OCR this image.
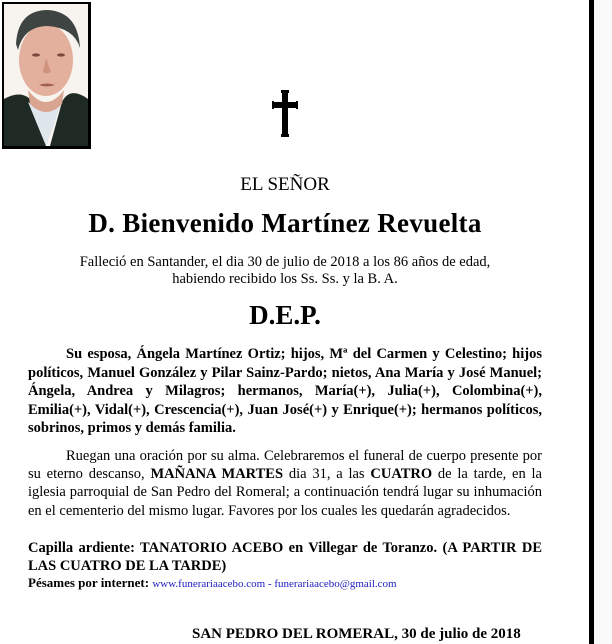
EL SEÑOR
D. Bienvenido Martínez Revuelta
Falleció en Santander, el dia 30 de julio de 2018 a los 86 años de edad,
habiendo recibido los Ss. Ss. y la B. A.
D.E.P.
Su esposa, Ángela Martínez Ortiz; hijos, Mª del Carmen y Celestino; hijos políticos, Manuel González y Pilar Sainz-Pardo; nietos, Ana María y José Manuel; Ángela, Andrea y Milagros; hermanos, María(+), Julia(+), Colombina(+), Emilia(+), Vidal(+), Crescencia(+), Juan José(+) y Enrique(+); hermanos políticos, sobrinos, primos y demás familia.
Ruegan una oración por su alma. Celebraremos el funeral de cuerpo presente por su eterno descanso, MAÑANA MARTES dia 31, a las CUATRO de la tarde, en la iglesia parroquial de San Pedro del Romeral; a continuación tendrá lugar su inhumación en el cementerio del mismo lugar. Favores por los cuales les quedarán agradecidos.
Capilla ardiente: TANATORIO ACEBO en Villegar de Toranzo. (A PARTIR DE LAS CUATRO DE LA TARDE)
Pésames por internet: www.funerariaacebo.com - funerariaacebo@gmail.com
SAN PEDRO DEL ROMERAL, 30 de julio de 2018
